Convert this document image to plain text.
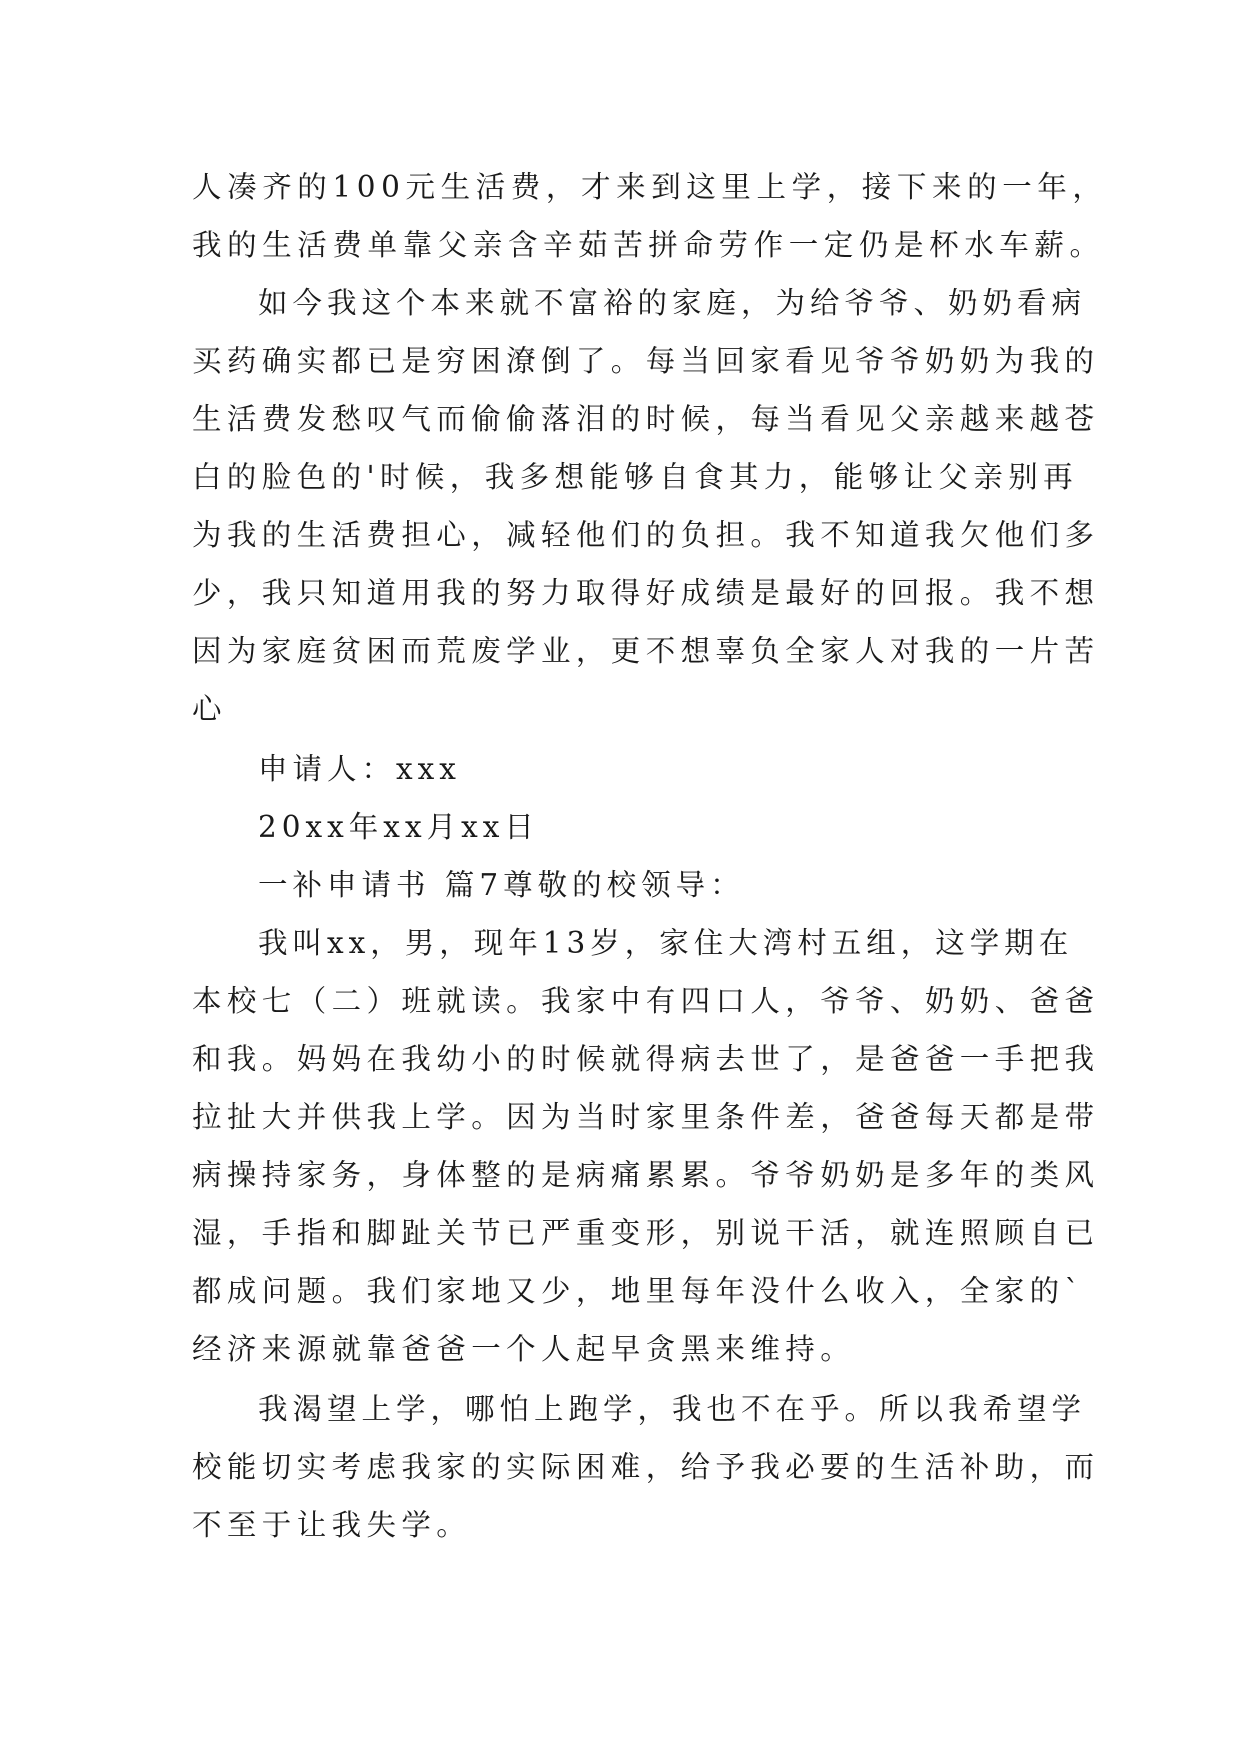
人凑齐的100元生活费，才来到这里上学，接下来的一年，
我的生活费单靠父亲含辛茹苦拼命劳作一定仍是杯水车薪。
如今我这个本来就不富裕的家庭，为给爷爷、奶奶看病
买药确实都已是穷困潦倒了。每当回家看见爷爷奶奶为我的
生活费发愁叹气而偷偷落泪的时候，每当看见父亲越来越苍
白的脸色的'时候，我多想能够自食其力，能够让父亲别再
为我的生活费担心，减轻他们的负担。我不知道我欠他们多
少，我只知道用我的努力取得好成绩是最好的回报。我不想
因为家庭贫困而荒废学业，更不想辜负全家人对我的一片苦
心
申请人：xxx
20xx年xx月xx日
一补申请书 篇7尊敬的校领导：
我叫xx，男，现年13岁，家住大湾村五组，这学期在
本校七（二）班就读。我家中有四口人，爷爷、奶奶、爸爸
和我。妈妈在我幼小的时候就得病去世了，是爸爸一手把我
拉扯大并供我上学。因为当时家里条件差，爸爸每天都是带
病操持家务，身体整的是病痛累累。爷爷奶奶是多年的类风
湿，手指和脚趾关节已严重变形，别说干活，就连照顾自已
都成问题。我们家地又少，地里每年没什么收入，全家的`
经济来源就靠爸爸一个人起早贪黑来维持。
我渴望上学，哪怕上跑学，我也不在乎。所以我希望学
校能切实考虑我家的实际困难，给予我必要的生活补助，而
不至于让我失学。
